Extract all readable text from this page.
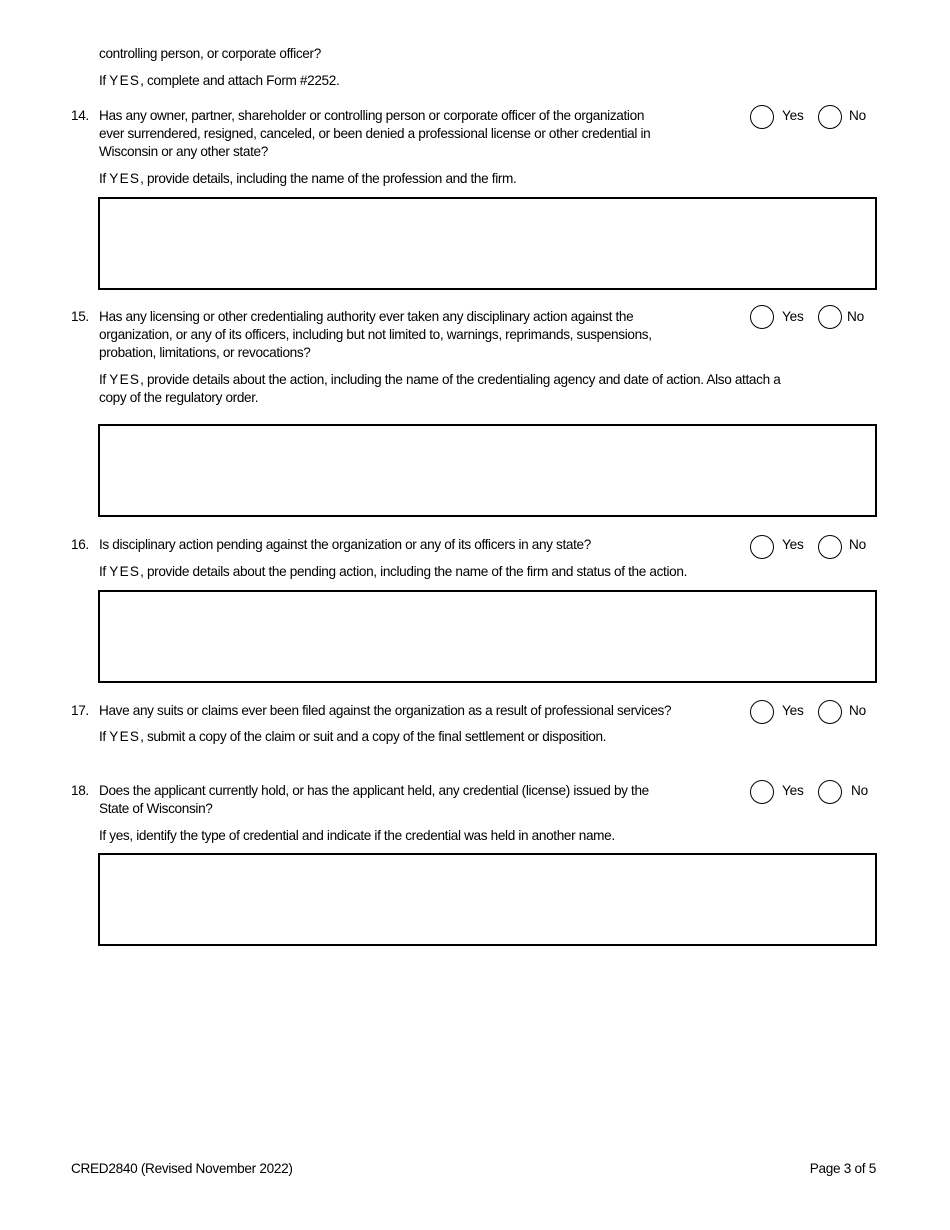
controlling person, or corporate officer?
If YES, complete and attach Form #2252.
14. Has any owner, partner, shareholder or controlling person or corporate officer of the organization
ever surrendered, resigned, canceled, or been denied a professional license or other credential in
Wisconsin or any other state?
Yes	No
If YES, provide details, including the name of the profession and the firm.
15. Has any licensing or other credentialing authority ever taken any disciplinary action against the
organization, or any of its officers, including but not limited to, warnings, reprimands, suspensions,
probation, limitations, or revocations?
Yes	No
If YES, provide details about the action, including the name of the credentialing agency and date of action. Also attach a
copy of the regulatory order.
16. Is disciplinary action pending against the organization or any of its officers in any state?	Yes	No
If YES, provide details about the pending action, including the name of the firm and status of the action.
17. Have any suits or claims ever been filed against the organization as a result of professional services?	Yes	No
If YES, submit a copy of the claim or suit and a copy of the final settlement or disposition.
18. Does the applicant currently hold, or has the applicant held, any credential (license) issued by the
State of Wisconsin?
Yes	No
If yes, identify the type of credential and indicate if the credential was held in another name.
CRED2840 (Revised November 2022)	Page 3 of 5
